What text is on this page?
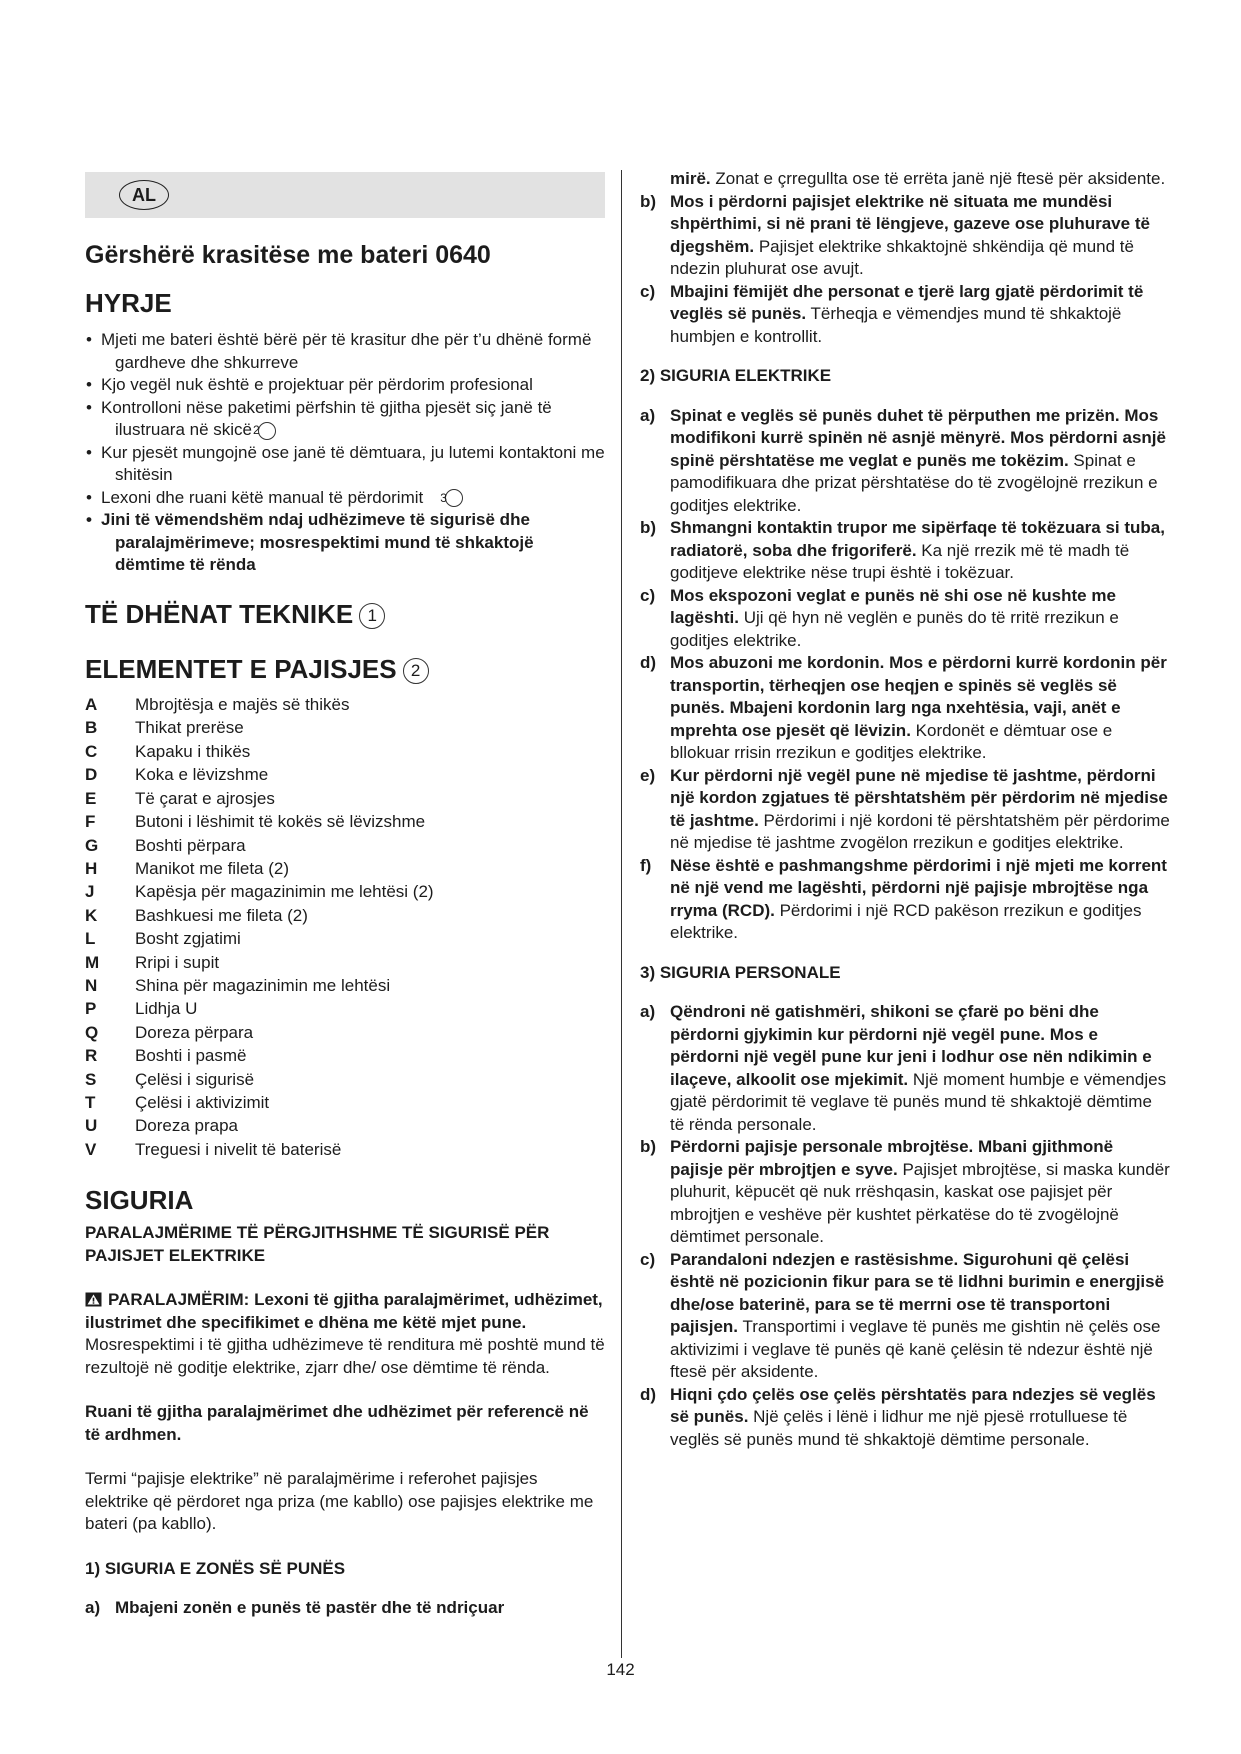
AL
Gërshërë krasitëse me bateri 0640
HYRJE
• Mjeti me bateri është bërë për të krasitur dhe për t’u dhënë formë gardheve dhe shkurreve
• Kjo vegël nuk është e projektuar për përdorim profesional
• Kontrolloni nëse paketimi përfshin të gjitha pjesët siç janë të ilustruara në skicë2
• Kur pjesët mungojnë ose janë të dëmtuara, ju lutemi kontaktoni me shitësin
• Lexoni dhe ruani këtë manual të përdorimit 3
• Jini të vëmendshëm ndaj udhëzimeve të sigurisë dhe paralajmërimeve; mosrespektimi mund të shkaktojë dëmtime të rënda
TË DHËNAT TEKNIKE 1
ELEMENTET E PAJISJES 2
A	Mbrojtësja e majës së thikës
B	Thikat prerëse
C	Kapaku i thikës
D	Koka e lëvizshme
E	Të çarat e ajrosjes
F	Butoni i lëshimit të kokës së lëvizshme
G	Boshti përpara
H	Manikot me fileta (2)
J	Kapësja për magazinimin me lehtësi (2)
K	Bashkuesi me fileta (2)
L	Bosht zgjatimi
M	Rripi i supit
N	Shina për magazinimin me lehtësi
P	Lidhja U
Q	Doreza përpara
R	Boshti i pasmë
S	Çelësi i sigurisë
T	Çelësi i aktivizimit
U	Doreza prapa
V	Treguesi i nivelit të baterisë
SIGURIA

PARALAJMËRIME TË PËRGJITHSHME TË SIGURISË PËR PAJISJET ELEKTRIKE

PARALAJMËRIM: Lexoni të gjitha paralajmërimet, udhëzimet, ilustrimet dhe specifikimet e dhëna me këtë mjet pune. Mosrespektimi i të gjitha udhëzimeve të renditura më poshtë mund të rezultojë në goditje elektrike, zjarr dhe/ ose dëmtime të rënda.

Ruani të gjitha paralajmërimet dhe udhëzimet për referencë në të ardhmen.

Termi “pajisje elektrike” në paralajmërime i referohet pajisjes elektrike që përdoret nga priza (me kabllo) ose pajisjes elektrike me bateri (pa kabllo).

1) SIGURIA E ZONËS SË PUNËS

a) Mbajeni zonën e punës të pastër dhe të ndriçuar
mirë. Zonat e çrregullta ose të errëta janë një ftesë për aksidente.
b) Mos i përdorni pajisjet elektrike në situata me mundësi shpërthimi, si në prani të lëngjeve, gazeve ose pluhurave të djegshëm. Pajisjet elektrike shkaktojnë shkëndija që mund të ndezin pluhurat ose avujt.
c) Mbajini fëmijët dhe personat e tjerë larg gjatë përdorimit të veglës së punës. Tërheqja e vëmendjes mund të shkaktojë humbjen e kontrollit.

2) SIGURIA ELEKTRIKE

a) Spinat e veglës së punës duhet të përputhen me prizën. Mos modifikoni kurrë spinën në asnjë mënyrë. Mos përdorni asnjë spinë përshtatëse me veglat e punës me tokëzim. Spinat e pamodifikuara dhe prizat përshtatëse do të zvogëlojnë rrezikun e goditjes elektrike.
b) Shmangni kontaktin trupor me sipërfaqe të tokëzuara si tuba, radiatorë, soba dhe frigoriferë. Ka një rrezik më të madh të goditjeve elektrike nëse trupi është i tokëzuar.
c) Mos ekspozoni veglat e punës në shi ose në kushte me lagështi. Uji që hyn në veglën e punës do të rritë rrezikun e goditjes elektrike.
d) Mos abuzoni me kordonin. Mos e përdorni kurrë kordonin për transportin, tërheqjen ose heqjen e spinës së veglës së punës. Mbajeni kordonin larg nga nxehtësia, vaji, anët e mprehta ose pjesët që lëvizin. Kordonët e dëmtuar ose e bllokuar rrisin rrezikun e goditjes elektrike.
e) Kur përdorni një vegël pune në mjedise të jashtme, përdorni një kordon zgjatues të përshtatshëm për përdorim në mjedise të jashtme. Përdorimi i një kordoni të përshtatshëm për përdorime në mjedise të jashtme zvogëlon rrezikun e goditjes elektrike.
f) Nëse është e pashmangshme përdorimi i një mjeti me korrent në një vend me lagështi, përdorni një pajisje mbrojtëse nga rryma (RCD). Përdorimi i një RCD pakëson rrezikun e goditjes elektrike.

3) SIGURIA PERSONALE

a) Qëndroni në gatishmëri, shikoni se çfarë po bëni dhe përdorni gjykimin kur përdorni një vegël pune. Mos e përdorni një vegël pune kur jeni i lodhur ose nën ndikimin e ilaçeve, alkoolit ose mjekimit. Një moment humbje e vëmendjes gjatë përdorimit të veglave të punës mund të shkaktojë dëmtime të rënda personale.
b) Përdorni pajisje personale mbrojtëse. Mbani gjithmonë pajisje për mbrojtjen e syve. Pajisjet mbrojtëse, si maska kundër pluhurit, këpucët që nuk rrëshqasin, kaskat ose pajisjet për mbrojtjen e veshëve për kushtet përkatëse do të zvogëlojnë dëmtimet personale.
c) Parandaloni ndezjen e rastësishme. Sigurohuni që çelësi është në pozicionin fikur para se të lidhni burimin e energjisë dhe/ose baterinë, para se të merrni ose të transportoni pajisjen. Transportimi i veglave të punës me gishtin në çelës ose aktivizimi i veglave të punës që kanë çelësin të ndezur është një ftesë për aksidente.
d) Hiqni çdo çelës ose çelës përshtatës para ndezjes së veglës së punës. Një çelës i lënë i lidhur me një pjesë rrotulluese të veglës së punës mund të shkaktojë dëmtime personale.
142
